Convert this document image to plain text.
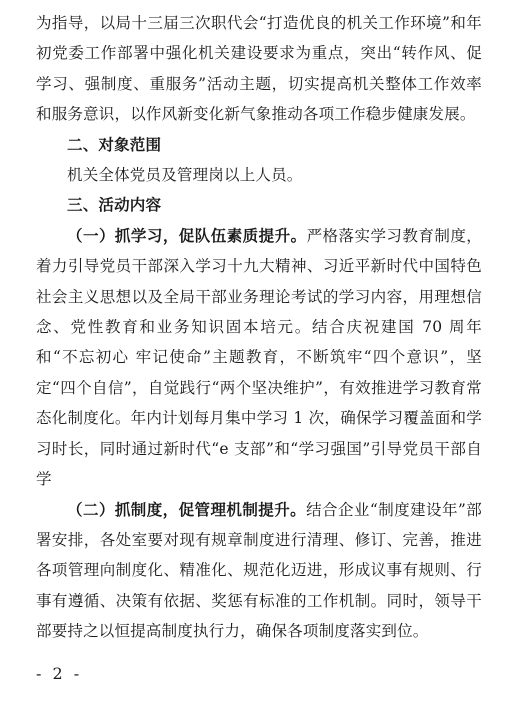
为指导，以局十三届三次职代会“打造优良的机关工作环境”和年初党委工作部署中强化机关建设要求为重点，突出“转作风、促学习、强制度、重服务”活动主题，切实提高机关整体工作效率和服务意识，以作风新变化新气象推动各项工作稳步健康发展。

二、对象范围

机关全体党员及管理岗以上人员。

三、活动内容

（一）抓学习，促队伍素质提升。严格落实学习教育制度，着力引导党员干部深入学习十九大精神、习近平新时代中国特色社会主义思想以及全局干部业务理论考试的学习内容，用理想信念、党性教育和业务知识固本培元。结合庆祝建国 70 周年和“不忘初心 牢记使命”主题教育，不断筑牢“四个意识”，坚定“四个自信”，自觉践行“两个坚决维护”，有效推进学习教育常态化制度化。年内计划每月集中学习 1 次，确保学习覆盖面和学习时长，同时通过新时代“e 支部”和“学习强国”引导党员干部自学

（二）抓制度，促管理机制提升。结合企业“制度建设年”部署安排，各处室要对现有规章制度进行清理、修订、完善，推进各项管理向制度化、精准化、规范化迈进，形成议事有规则、行事有遵循、决策有依据、奖惩有标准的工作机制。同时，领导干部要持之以恒提高制度执行力，确保各项制度落实到位。

- 2 -
